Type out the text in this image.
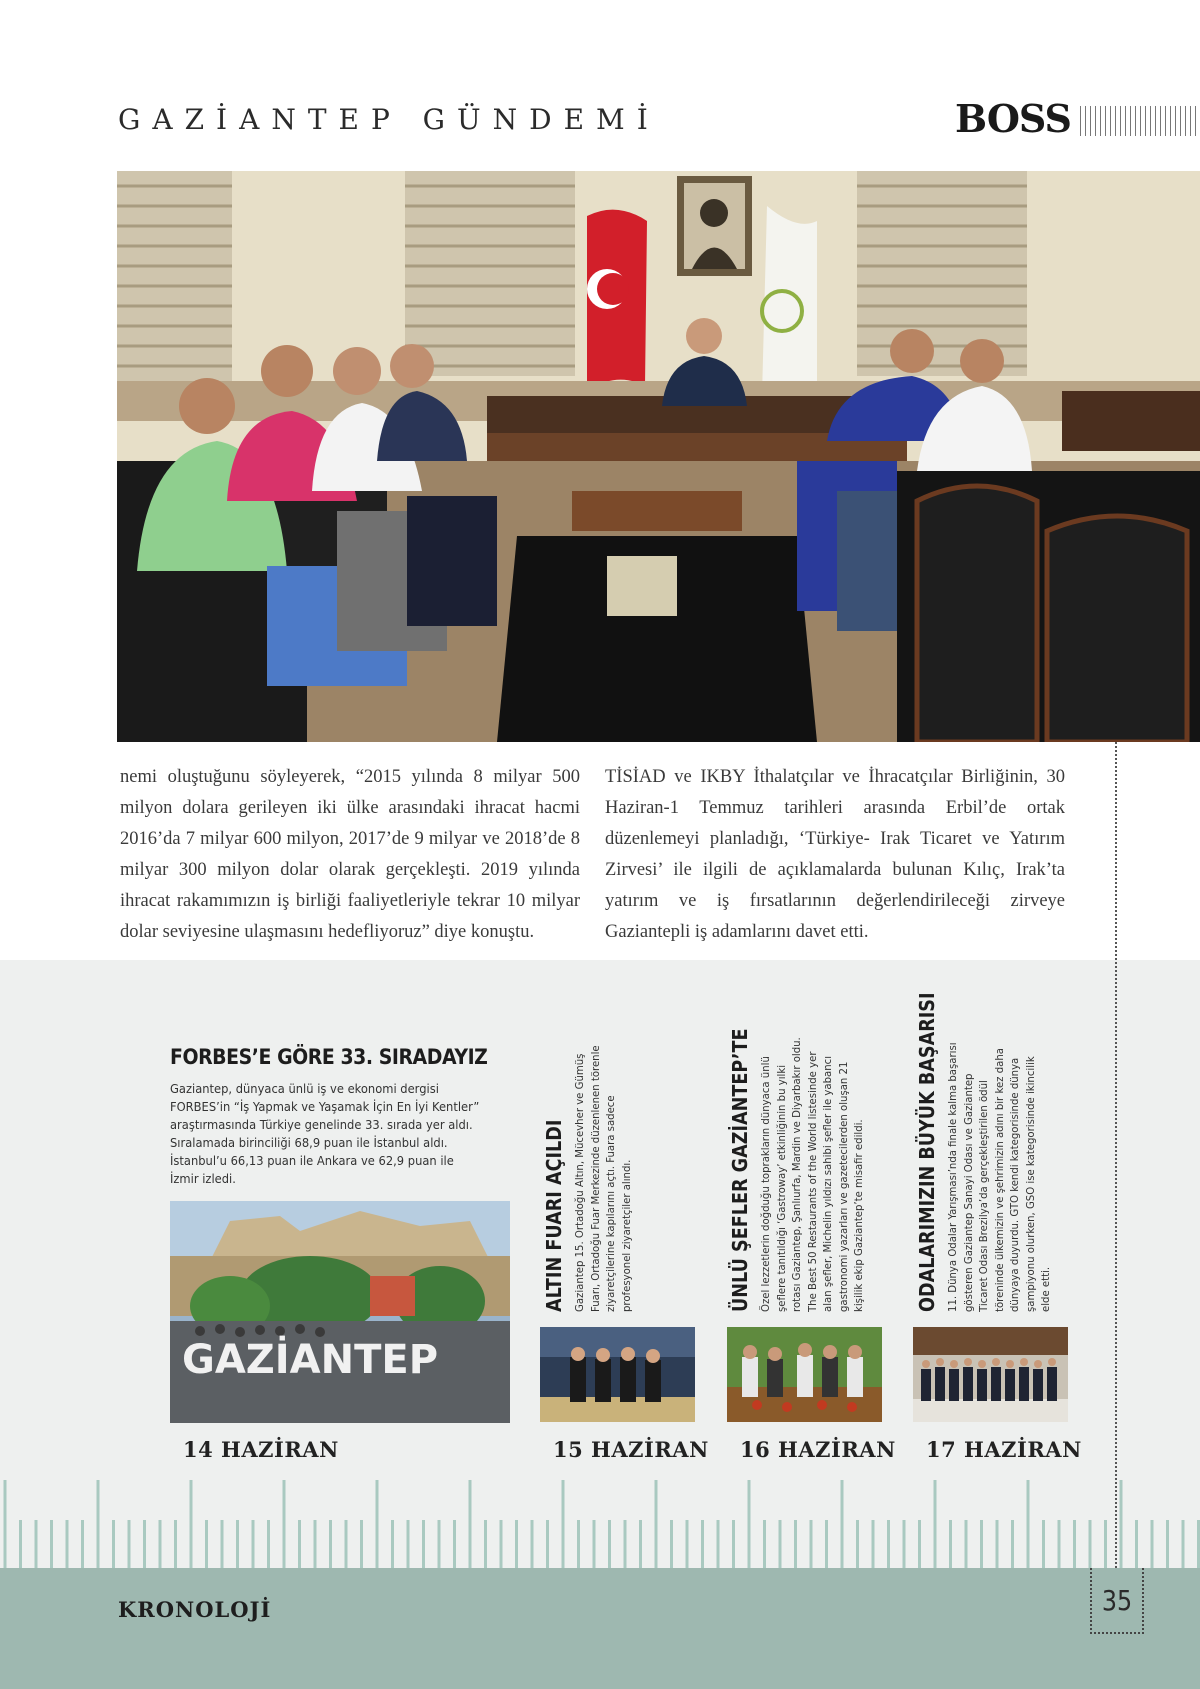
GAZİANTEP GÜNDEMİ	BOSS
nemi oluştuğunu söyleyerek, “2015 yılında 8 milyar 500 milyon dolara gerileyen iki ülke arasındaki ihracat hacmi 2016’da 7 milyar 600 milyon, 2017’de 9 milyar ve 2018’de 8 milyar 300 milyon dolar olarak gerçekleşti. 2019 yılında ihracat rakamımızın iş birliği faaliyetleriyle tekrar 10 milyar dolar seviyesine ulaşmasını hedefliyoruz” diye konuştu.
TİSİAD ve IKBY İthalatçılar ve İhracatçılar Birliğinin, 30 Haziran-1 Temmuz tarihleri arasında Erbil’de ortak düzenlemeyi planladığı, ‘Türkiye- Irak Ticaret ve Yatırım Zirvesi’ ile ilgili de açıklamalarda bulunan Kılıç, Irak’ta yatırım ve iş fırsatlarının değerlendirileceği zirveye Gaziantepli iş adamlarını davet etti.
FORBES’E GÖRE 33. SIRADAYIZ
Gaziantep, dünyaca ünlü iş ve ekonomi dergisi FORBES’in “İş Yapmak ve Yaşamak İçin En İyi Kentler” araştırmasında Türkiye genelinde 33. sırada yer aldı. Sıralamada birinciliği 68,9 puan ile İstanbul aldı. İstanbul’u 66,13 puan ile Ankara ve 62,9 puan ile İzmir izledi.
GAZİANTEP
14 HAZİRAN
ALTIN FUARI AÇILDI Gaziantep 15. Ortadoğu Altın, Mücevher ve Gümüş Fuarı, Ortadoğu Fuar Merkezinde düzenlenen törenle ziyaretçilerine kapılarını açtı. Fuara sadece profesyonel ziyaretçiler alındı.
15 HAZİRAN
ÜNLÜ ŞEFLER GAZİANTEP’TE Özel lezzetlerin doğduğu toprakların dünyaca ünlü şeflere tanıtıldığı ‘Gastroway’ etkinliğinin bu yılki rotası Gaziantep, Şanlıurfa, Mardin ve Diyarbakır oldu. The Best 50 Restaurants of the World listesinde yer alan şefler, Michelin yıldızı sahibi şefler ile yabancı gastronomi yazarları ve gazetecilerden oluşan 21 kişilik ekip Gaziantep’te misafir edildi.
16 HAZİRAN
ODALARIMIZIN BÜYÜK BAŞARISI 11. Dünya Odalar Yarışması’nda finale kalma başarısı gösteren Gaziantep Sanayi Odası ve Gaziantep Ticaret Odası Brezilya’da gerçekleştirilen ödül töreninde ülkemizin ve şehrimizin adını bir kez daha dünyaya duyurdu. GTO kendi kategorisinde dünya şampiyonu olurken, GSO ise kategorisinde ikincilik elde etti.
17 HAZİRAN
KRONOLOJİ	35
